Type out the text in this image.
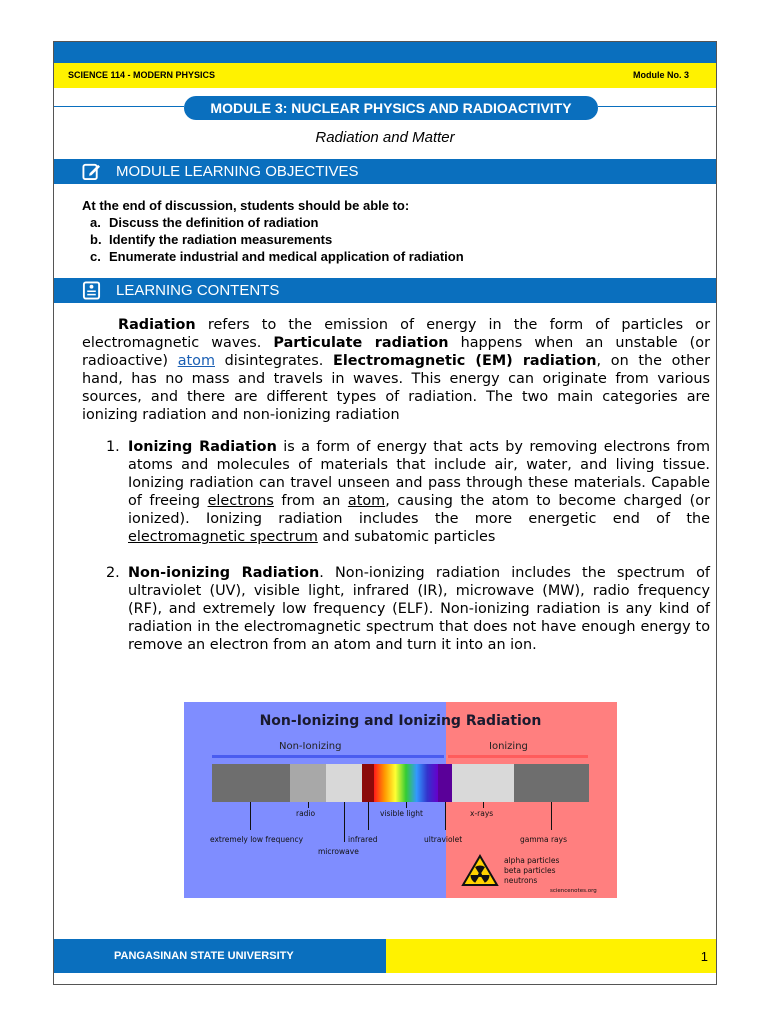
SCIENCE 114 - MODERN PHYSICS	Module No. 3
MODULE 3: NUCLEAR PHYSICS AND RADIOACTIVITY
Radiation and Matter
MODULE LEARNING OBJECTIVES
At the end of discussion, students should be able to:
a. Discuss the definition of radiation
b. Identify the radiation measurements
c. Enumerate industrial and medical application of radiation
LEARNING CONTENTS

Radiation refers to the emission of energy in the form of particles or electromagnetic waves. Particulate radiation happens when an unstable (or radioactive) atom disintegrates. Electromagnetic (EM) radiation, on the other hand, has no mass and travels in waves. This energy can originate from various sources, and there are different types of radiation. The two main categories are ionizing radiation and non-ionizing radiation

1. Ionizing Radiation is a form of energy that acts by removing electrons from atoms and molecules of materials that include air, water, and living tissue. Ionizing radiation can travel unseen and pass through these materials. Capable of freeing electrons from an atom, causing the atom to become charged (or ionized). Ionizing radiation includes the more energetic end of the electromagnetic spectrum and subatomic particles
2. Non-ionizing Radiation. Non-ionizing radiation includes the spectrum of ultraviolet (UV), visible light, infrared (IR), microwave (MW), radio frequency (RF), and extremely low frequency (ELF). Non-ionizing radiation is any kind of radiation in the electromagnetic spectrum that does not have enough energy to remove an electron from an atom and turn it into an ion.
Non-Ionizing and Ionizing Radiation
Non-Ionizing	Ionizing
radio	visible light	x-rays
extremely low frequency	infrared	ultraviolet	gamma rays
microwave
alpha particles
beta particles
neutrons
sciencenotes.org
PANGASINAN STATE UNIVERSITY	1
